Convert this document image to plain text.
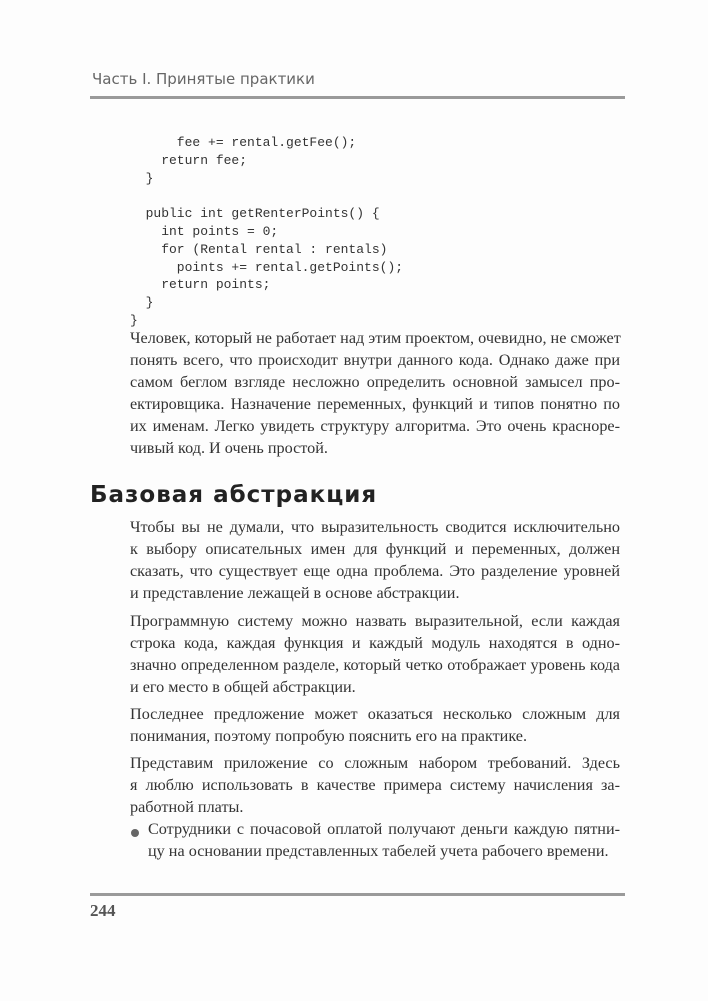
Часть I. Принятые практики
fee += rental.getFee();
return fee;
}
public int getRenterPoints() {
int points = 0;
for (Rental rental : rentals)
points += rental.getPoints();
return points;
}
}
Человек, который не работает над этим проектом, очевидно, не сможет
понять всего, что происходит внутри данного кода. Однако даже при
самом беглом взгляде несложно определить основной замысел про-
ектировщика. Назначение переменных, функций и типов понятно по
их именам. Легко увидеть структуру алгоритма. Это очень красноре-
чивый код. И очень простой.
Базовая абстракция
Чтобы вы не думали, что выразительность сводится исключительно
к выбору описательных имен для функций и переменных, должен
сказать, что существует еще одна проблема. Это разделение уровней
и представление лежащей в основе абстракции.
Программную систему можно назвать выразительной, если каждая
строка кода, каждая функция и каждый модуль находятся в одно-
значно определенном разделе, который четко отображает уровень кода
и его место в общей абстракции.
Последнее предложение может оказаться несколько сложным для
понимания, поэтому попробую пояснить его на практике.
Представим приложение со сложным набором требований. Здесь
я люблю использовать в качестве примера систему начисления за-
работной платы.
Сотрудники с почасовой оплатой получают деньги каждую пятни-
цу на основании представленных табелей учета рабочего времени.
244
